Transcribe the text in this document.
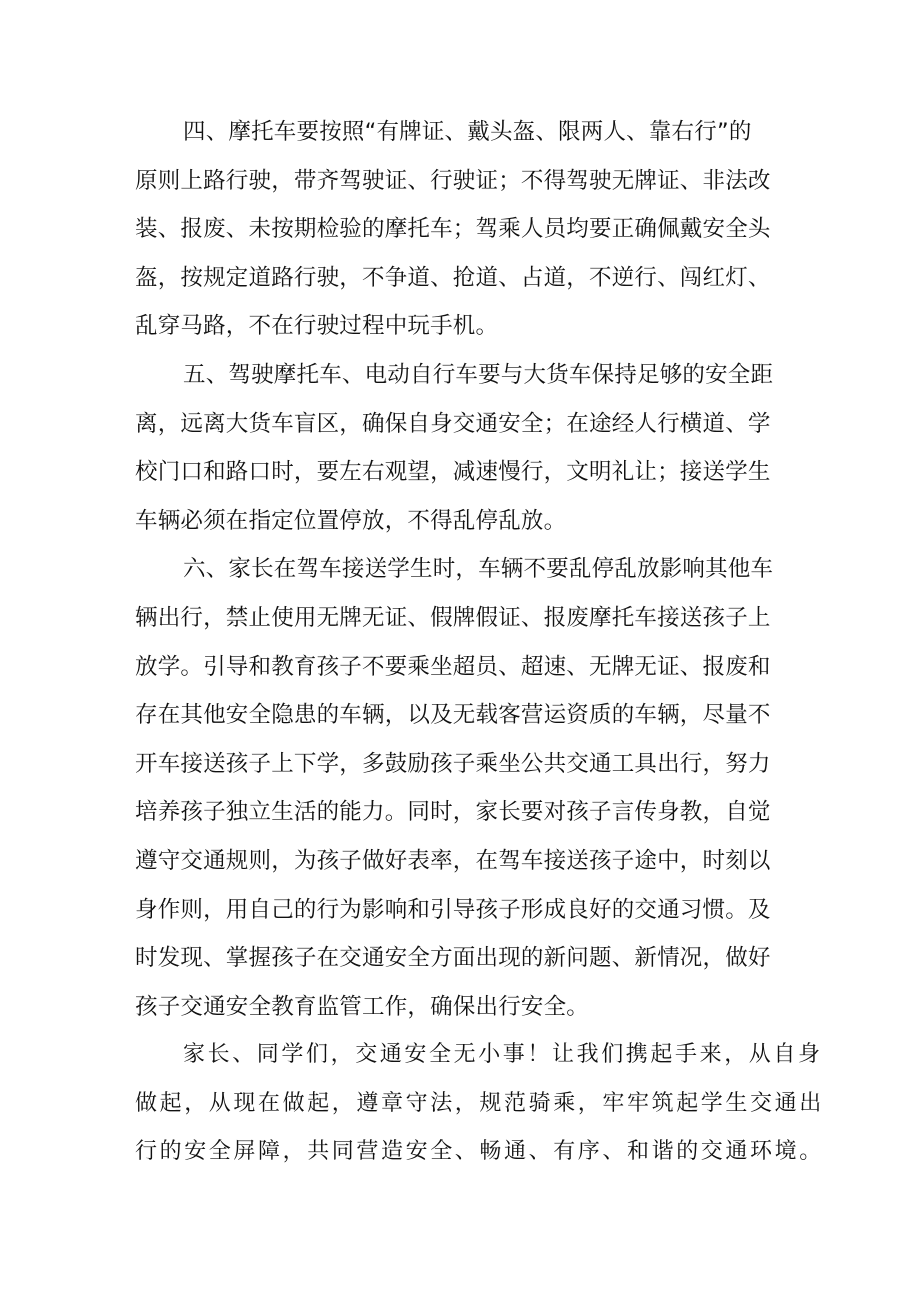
四、摩托车要按照“有牌证、戴头盔、限两人、靠右行”的
原则上路行驶，带齐驾驶证、行驶证；不得驾驶无牌证、非法改
装、报废、未按期检验的摩托车；驾乘人员均要正确佩戴安全头
盔，按规定道路行驶，不争道、抢道、占道，不逆行、闯红灯、
乱穿马路，不在行驶过程中玩手机。
五、驾驶摩托车、电动自行车要与大货车保持足够的安全距
离，远离大货车盲区，确保自身交通安全；在途经人行横道、学
校门口和路口时，要左右观望，减速慢行，文明礼让；接送学生
车辆必须在指定位置停放，不得乱停乱放。
六、家长在驾车接送学生时，车辆不要乱停乱放影响其他车
辆出行，禁止使用无牌无证、假牌假证、报废摩托车接送孩子上
放学。引导和教育孩子不要乘坐超员、超速、无牌无证、报废和
存在其他安全隐患的车辆，以及无载客营运资质的车辆，尽量不
开车接送孩子上下学，多鼓励孩子乘坐公共交通工具出行，努力
培养孩子独立生活的能力。同时，家长要对孩子言传身教，自觉
遵守交通规则，为孩子做好表率，在驾车接送孩子途中，时刻以
身作则，用自己的行为影响和引导孩子形成良好的交通习惯。及
时发现、掌握孩子在交通安全方面出现的新问题、新情况，做好
孩子交通安全教育监管工作，确保出行安全。
家长、同学们，交通安全无小事！让我们携起手来，从自身
做起，从现在做起，遵章守法，规范骑乘，牢牢筑起学生交通出
行的安全屏障，共同营造安全、畅通、有序、和谐的交通环境。
